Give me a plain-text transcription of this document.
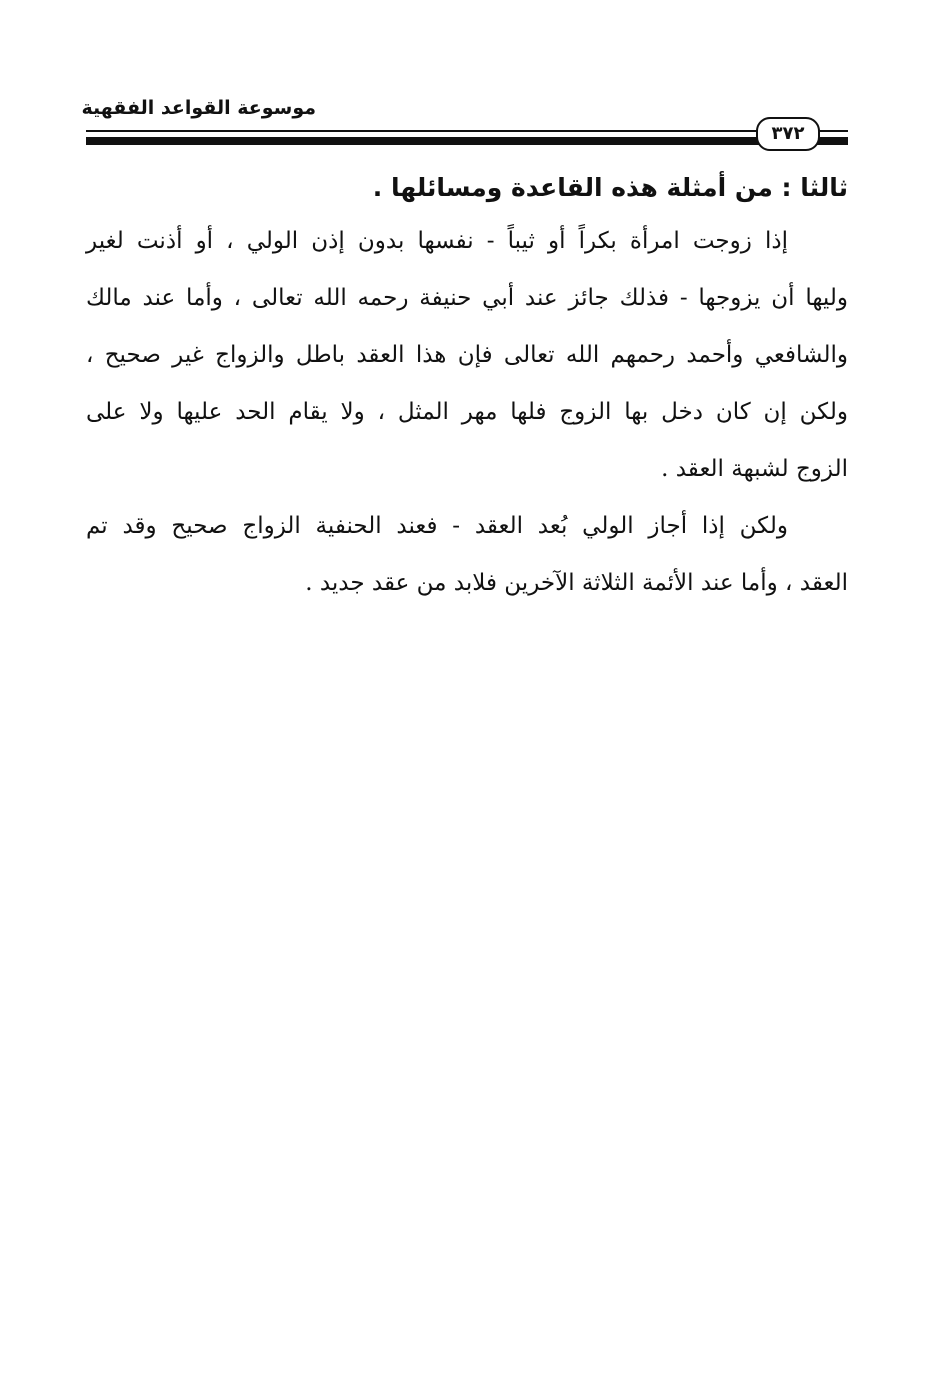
موسوعة القواعد الفقهية
٣٧٢
ثالثا : من أمثلة هذه القاعدة ومسائلها .
إذا زوجت امرأة بكراً أو ثيباً - نفسها بدون إذن الولي ، أو أذنت لغير
وليها أن يزوجها - فذلك جائز عند أبي حنيفة رحمه الله تعالى ، وأما عند مالك
والشافعي وأحمد رحمهم الله تعالى فإن هذا العقد باطل والزواج غير صحيح ،
ولكن إن كان دخل بها الزوج فلها مهر المثل ، ولا يقام الحد عليها ولا على
الزوج لشبهة العقد .
ولكن إذا أجاز الولي بُعد العقد - فعند الحنفية الزواج صحيح وقد تم
العقد ، وأما عند الأئمة الثلاثة الآخرين فلابد من عقد جديد .
